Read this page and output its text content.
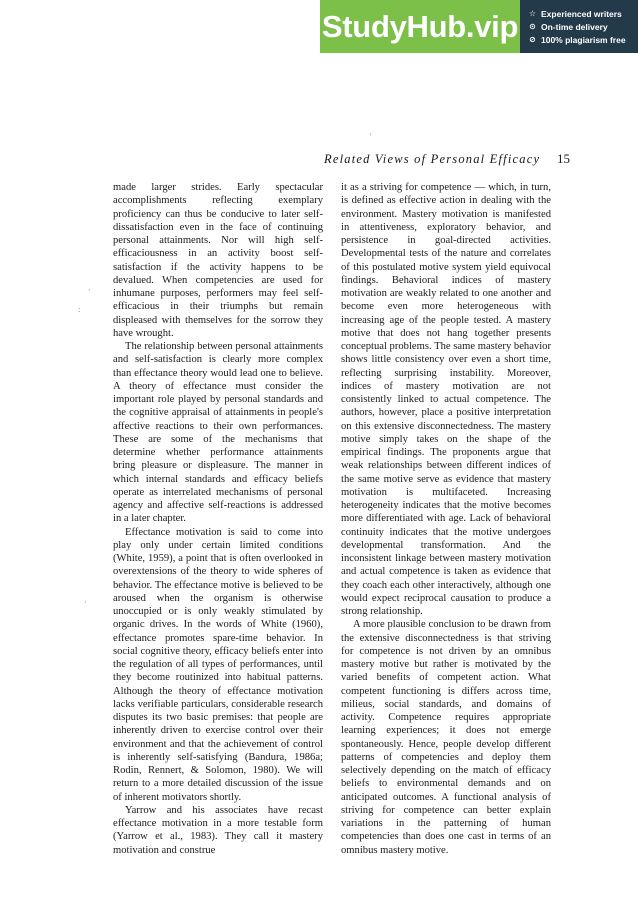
StudyHub.vip ☆ Experienced writers
⊙ On-time delivery
⊘ 100% plagiarism free
Related Views of Personal Efficacy 15

made larger strides. Early spectacular accomplishments reflecting exemplary proficiency can thus be conducive to later self-dissatisfaction even in the face of continuing personal attainments. Nor will high self-efficaciousness in an activity boost self-satisfaction if the activity happens to be devalued. When competencies are used for inhumane purposes, performers may feel self-efficacious in their triumphs but remain displeased with themselves for the sorrow they have wrought.

The relationship between personal attainments and self-satisfaction is clearly more complex than effectance theory would lead one to believe. A theory of effectance must consider the important role played by personal standards and the cognitive appraisal of attainments in people's affective reactions to their own performances. These are some of the mechanisms that determine whether performance attainments bring pleasure or displeasure. The manner in which internal standards and efficacy beliefs operate as interrelated mechanisms of personal agency and affective self-reactions is addressed in a later chapter.

Effectance motivation is said to come into play only under certain limited conditions (White, 1959), a point that is often overlooked in overextensions of the theory to wide spheres of behavior. The effectance motive is believed to be aroused when the organism is otherwise unoccupied or is only weakly stimulated by organic drives. In the words of White (1960), effectance promotes spare-time behavior. In social cognitive theory, efficacy beliefs enter into the regulation of all types of performances, until they become routinized into habitual patterns. Although the theory of effectance motivation lacks verifiable particulars, considerable research disputes its two basic premises: that people are inherently driven to exercise control over their environment and that the achievement of control is inherently self-satisfying (Bandura, 1986a; Rodin, Rennert, & Solomon, 1980). We will return to a more detailed discussion of the issue of inherent motivators shortly.

Yarrow and his associates have recast effectance motivation in a more testable form (Yarrow et al., 1983). They call it mastery motivation and construe

it as a striving for competence — which, in turn, is defined as effective action in dealing with the environment. Mastery motivation is manifested in attentiveness, exploratory behavior, and persistence in goal-directed activities. Developmental tests of the nature and correlates of this postulated motive system yield equivocal findings. Behavioral indices of mastery motivation are weakly related to one another and become even more heterogeneous with increasing age of the people tested. A mastery motive that does not hang together presents conceptual problems. The same mastery behavior shows little consistency over even a short time, reflecting surprising instability. Moreover, indices of mastery motivation are not consistently linked to actual competence. The authors, however, place a positive interpretation on this extensive disconnectedness. The mastery motive simply takes on the shape of the empirical findings. The proponents argue that weak relationships between different indices of the same motive serve as evidence that mastery motivation is multifaceted. Increasing heterogeneity indicates that the motive becomes more differentiated with age. Lack of behavioral continuity indicates that the motive undergoes developmental transformation. And the inconsistent linkage between mastery motivation and actual competence is taken as evidence that they coach each other interactively, although one would expect reciprocal causation to produce a strong relationship.

A more plausible conclusion to be drawn from the extensive disconnectedness is that striving for competence is not driven by an omnibus mastery motive but rather is motivated by the varied benefits of competent action. What competent functioning is differs across time, milieus, social standards, and domains of activity. Competence requires appropriate learning experiences; it does not emerge spontaneously. Hence, people develop different patterns of competencies and deploy them selectively depending on the match of efficacy beliefs to environmental demands and on anticipated outcomes. A functional analysis of striving for competence can better explain variations in the patterning of human competencies than does one cast in terms of an omnibus mastery motive.

'
·
:
·
